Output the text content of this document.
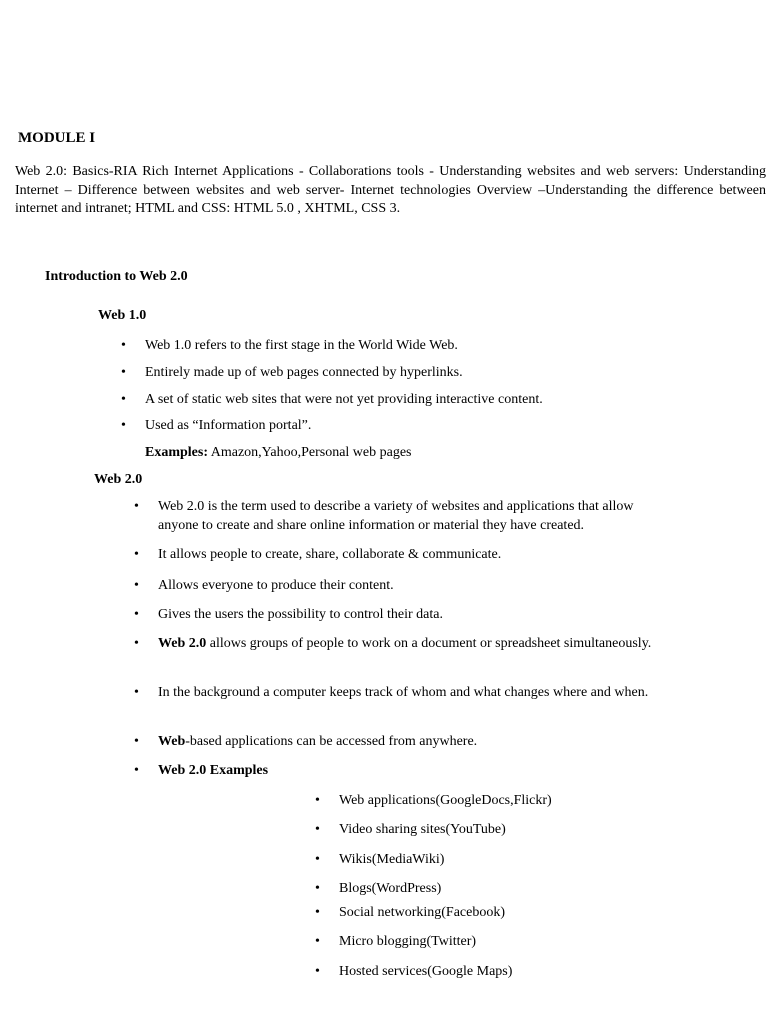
MODULE I
Web 2.0: Basics-RIA Rich Internet Applications - Collaborations tools - Understanding websites and web servers: Understanding Internet – Difference between websites and web server- Internet technologies Overview –Understanding the difference between internet and intranet; HTML and CSS: HTML 5.0 , XHTML, CSS 3.
Introduction to Web 2.0
Web 1.0
• Web 1.0 refers to the first stage in the World Wide Web.
• Entirely made up of web pages connected by hyperlinks.
• A set of static web sites that were not yet providing interactive content.
• Used as “Information portal”.
Examples: Amazon,Yahoo,Personal web pages
Web 2.0
• Web 2.0 is the term used to describe a variety of websites and applications that allow anyone to create and share online information or material they have created.
• It allows people to create, share, collaborate & communicate.
• Allows everyone to produce their content.
• Gives the users the possibility to control their data.
• Web 2.0 allows groups of people to work on a document or spreadsheet simultaneously.
• In the background a computer keeps track of whom and what changes where and when.
• Web-based applications can be accessed from anywhere.
• Web 2.0 Examples
• Web applications(GoogleDocs,Flickr)
• Video sharing sites(YouTube)
• Wikis(MediaWiki)
• Blogs(WordPress)
• Social networking(Facebook)
• Micro blogging(Twitter)
• Hosted services(Google Maps)
